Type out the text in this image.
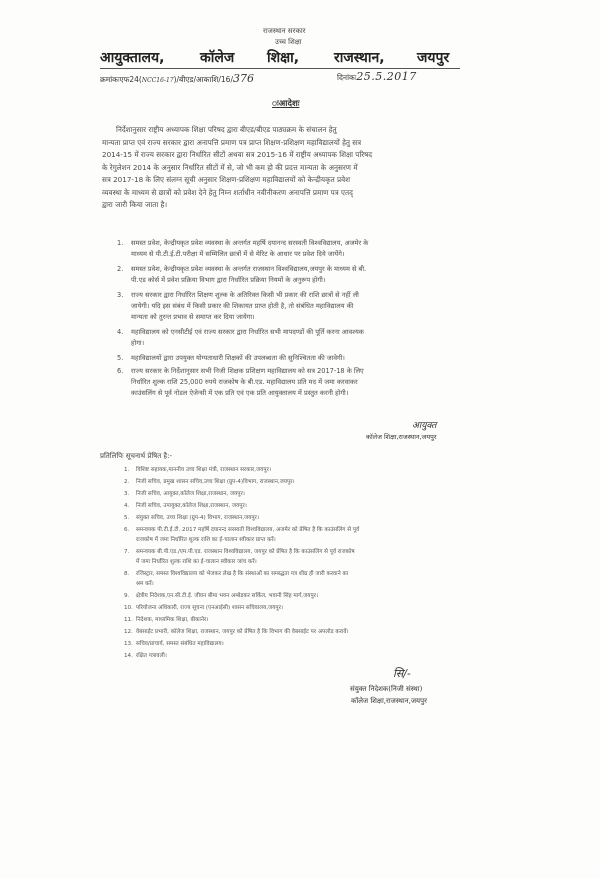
राजस्थान सरकार
उच्च शिक्षा
आयुक्तालय,	कॉलेज शिक्षा, राजस्थान, जयपुर
क्रमांकःएफ24(NCC16-17)/बीएड/आकाशि/16/376	दिनांकः25.5.2017
ःआदेशः
निर्देशानुसार राष्ट्रीय अध्यापक शिक्षा परिषद द्वारा बीएड/बीएड पाठ्यक्रम के संचालन हेतु
मान्यता प्राप्त एवं राज्य सरकार द्वारा अनापत्ति प्रमाण पत्र प्राप्त शिक्षण-प्रशिक्षण महाविद्यालयों हेतु सत्र
2014-15 में राज्य सरकार द्वारा निर्धारित सीटों अथवा सत्र 2015-16 में राष्ट्रीय अध्यापक शिक्षा परिषद
के रेगुलेशन 2014 के अनुसार निर्धारित सीटों में से, जो भी कम हो की प्रदत्त मान्यता के अनुसरण में
सत्र 2017-18 के लिए संलग्न सूची अनुसार शिक्षण-प्रशिक्षण महाविद्यालयों को केन्द्रीयकृत प्रवेश
व्यवस्था के माध्यम से छात्रों को प्रवेश देने हेतु निम्न शर्ताधीन नवीनीकरण अनापत्ति प्रमाण पत्र एतद्
द्वारा जारी किया जाता है।
1. समस्त प्रवेश, केन्द्रीयकृत प्रवेश व्यवस्था के अन्तर्गत महर्षि दयानन्द सरस्वती विश्वविद्यालय, अजमेर के
माध्यम से पी.टी.ई.टी.परीक्षा में सम्मिलित छात्रों में से मेरिट के आधार पर प्रवेश दिये जायेंगे।
2. समस्त प्रवेश, केन्द्रीयकृत प्रवेश व्यवस्था के अन्तर्गत राजस्थान विश्वविद्यालय,जयपुर के माध्यम से बी.
पी.एड कोर्स में प्रवेश प्रक्रिया विभाग द्वारा निर्धारित प्रक्रिया नियमों के अनुरूप होगी।
3. राज्य सरकार द्वारा निर्धारित शिक्षण शुल्क के अतिरिक्त किसी भी प्रकार की राशि छात्रों से नहीं ली
जायेगी। यदि इस संबंध में किसी प्रकार की शिकायत प्राप्त होती है, तो संबंधित महाविद्यालय की
मान्यता को तुरन्त प्रभाव से समाप्त कर दिया जायेगा।
4. महाविद्यालय को एनसीटीई एवं राज्य सरकार द्वारा निर्धारित सभी मापदण्डों की पूर्ति करना आवश्यक
होगा।
5. महाविद्यालयों द्वारा उपयुक्त योग्यताधारी शिक्षकों की उपलब्धता की सुनिश्चितता की जावेगी।
6. राज्य सरकार के निर्देशानुसार सभी निजी शिक्षक प्रशिक्षण महाविद्यालय को सत्र 2017-18 के लिए
निर्धारित शुल्क राशि 25,000 रुपये राजकोष के बी.एड. महाविद्यालय प्रति मद में जमा करवाकर
काउंसलिंग से पूर्व नोडल ऐजेन्सी में एक प्रति एवं एक प्रति आयुक्तालय में प्रस्तुत करनी होगी।
आयुक्त
कॉलेज शिक्षा,राजस्थान,जयपुर
प्रतिलिपिः सूचनार्थ प्रेषित है:-
1. विशिष्ट सहायक,माननीय उच्च शिक्षा मंत्री, राजस्थान सरकार,जयपुर।
2. निजी सचिव, प्रमुख शासन सचिव,उच्च शिक्षा (ग्रुप-4)विभाग, राजस्थान,जयपुर।
3. निजी सचिव, आयुक्त,कॉलेज शिक्षा,राजस्थान, जयपुर।
4. निजी सचिव, उपायुक्त,कॉलेज शिक्षा,राजस्थान, जयपुर।
5. संयुक्त सचिव, उच्च शिक्षा (ग्रुप-4) विभाग, राजस्थान,जयपुर।
6. समन्वयक पी.टी.ई.टी. 2017 महर्षि दयानन्द सरस्वती विश्वविद्यालय, अजमेर को प्रेषित है कि काउंसलिंग से पूर्व
राजकोष में जमा निर्धारित शुल्क राशि का ई-चालान स्वीकार प्राप्त करें।
7. समन्वयक बी.पी.एड./एम.पी.एड. राजस्थान विश्वविद्यालय, जयपुर को प्रेषित है कि काउंसलिंग से पूर्व राजकोष
में जमा निर्धारित शुल्क राशि का ई-चालान स्वीकार जांच करें।
8. रजिस्ट्रार, समस्त विश्वविद्यालय को भेजकर लेख है कि संस्थाओं का सम्बद्धता पत्र शीघ्र ही जारी करवाने का
श्रम करें।
9. क्षेत्रीय निदेशक,एन.सी.टी.ई. जीवन बीमा भवन अम्बेडकर सर्किल, भवानी सिंह मार्ग,जयपुर।
10. परियोजना अधिकारी, राज्य सूचना (एनआईसी) शासन सचिवालय,जयपुर।
11. निदेशक, माध्यमिक शिक्षा, बीकानेर।
12. वेबसाईट प्रभारी, कॉलेज शिक्षा, राजस्थान, जयपुर को प्रेषित है कि विभाग की वेबसाईट पर अपलोड करावें।
13. सचिव/प्राचार्य, समस्त संबंधित महाविद्यालय।
14. रक्षित पत्रावली।
सि/-
संयुक्त निदेशक(निजी संस्था)
कॉलेज शिक्षा,राजस्थान,जयपुर
